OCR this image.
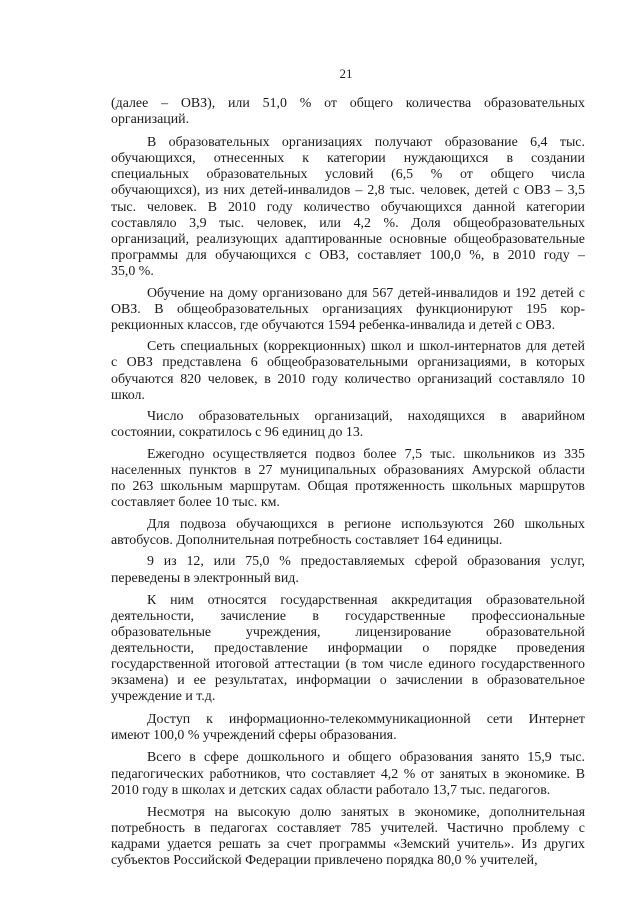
21
(далее – ОВЗ), или 51,0 % от общего количества образовательных
организаций.
В образовательных организациях получают образование 6,4 тыс.
обучающихся, отнесенных к категории нуждающихся в создании
специальных образовательных условий (6,5 % от общего числа
обучающихся), из них детей-инвалидов – 2,8 тыс. человек, детей с ОВЗ – 3,5
тыс. человек. В 2010 году количество обучающихся данной категории
составляло 3,9 тыс. человек, или 4,2 %. Доля общеобразовательных
организаций, реализующих адаптированные основные общеобразовательные
программы для обучающихся с ОВЗ, составляет 100,0 %, в 2010 году –
35,0 %.
Обучение на дому организовано для 567 детей-инвалидов и 192 детей с
ОВЗ. В общеобразовательных организациях функционируют 195 кор-
рекционных классов, где обучаются 1594 ребенка-инвалида и детей с ОВЗ.
Сеть специальных (коррекционных) школ и школ-интернатов для детей
с ОВЗ представлена 6 общеобразовательными организациями, в которых
обучаются 820 человек, в 2010 году количество организаций составляло 10
школ.
Число образовательных организаций, находящихся в аварийном
состоянии, сократилось с 96 единиц до 13.
Ежегодно осуществляется подвоз более 7,5 тыс. школьников из 335
населенных пунктов в 27 муниципальных образованиях Амурской области
по 263 школьным маршрутам. Общая протяженность школьных маршрутов
составляет более 10 тыс. км.
Для подвоза обучающихся в регионе используются 260 школьных
автобусов. Дополнительная потребность составляет 164 единицы.
9 из 12, или 75,0 % предоставляемых сферой образования услуг,
переведены в электронный вид.
К ним относятся государственная аккредитация образовательной
деятельности, зачисление в государственные профессиональные
образовательные	учреждения,	лицензирование	образовательной
деятельности, предоставление информации о порядке проведения
государственной итоговой аттестации (в том числе единого государственного
экзамена) и ее результатах, информации о зачислении в образовательное
учреждение и т.д.
Доступ к информационно-телекоммуникационной сети Интернет
имеют 100,0 % учреждений сферы образования.
Всего в сфере дошкольного и общего образования занято 15,9 тыс.
педагогических работников, что составляет 4,2 % от занятых в экономике. В
2010 году в школах и детских садах области работало 13,7 тыс. педагогов.
Несмотря на высокую долю занятых в экономике, дополнительная
потребность в педагогах составляет 785 учителей. Частично проблему с
кадрами удается решать за счет программы «Земский учитель». Из других
субъектов Российской Федерации привлечено порядка 80,0 % учителей,
